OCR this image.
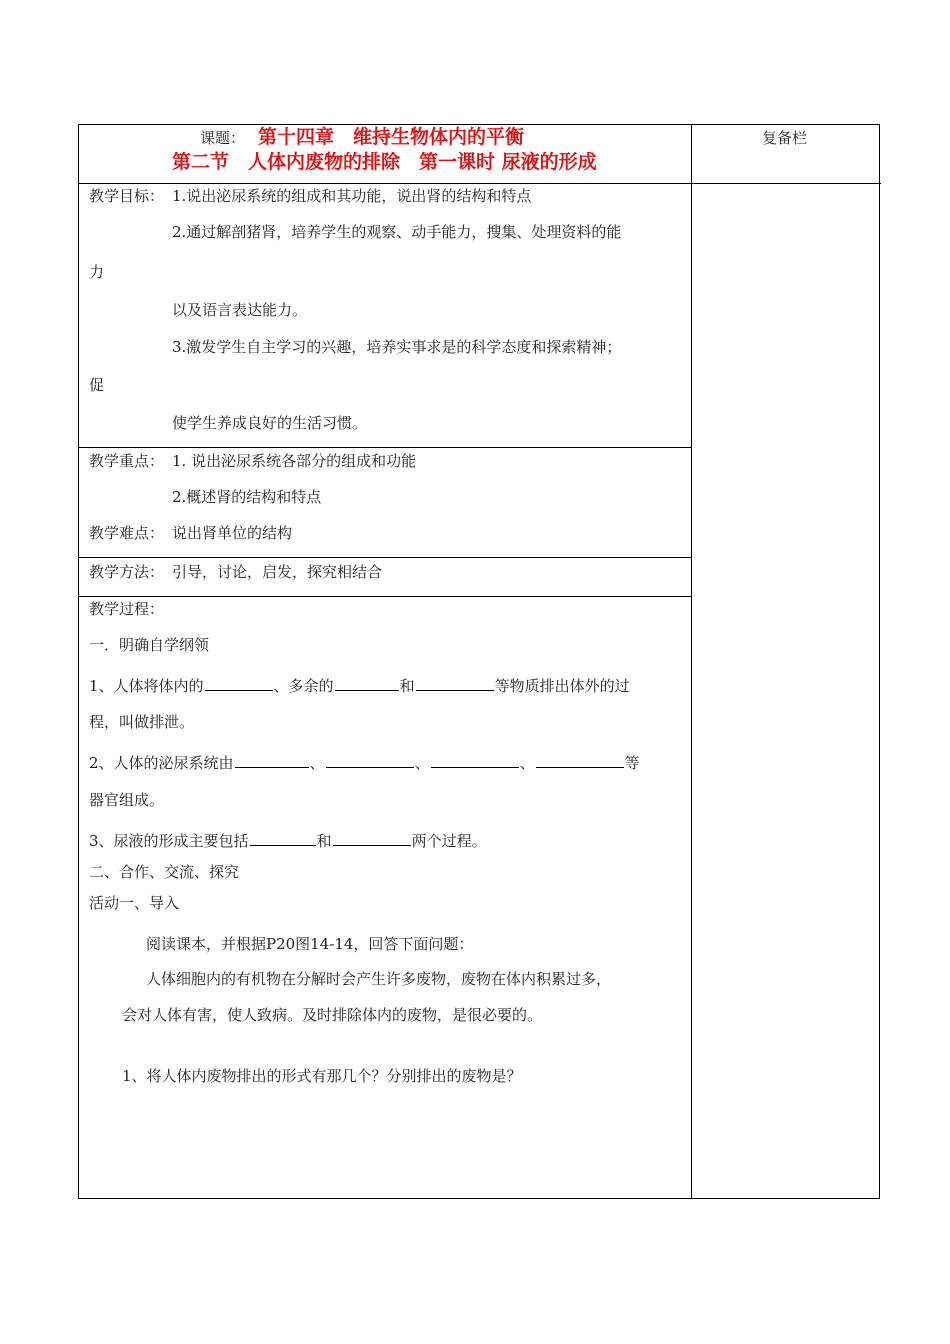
课题： 第十四章　维持生物体内的平衡
第二节　人体内废物的排除　第一课时 尿液的形成
复备栏
教学目标： 1.说出泌尿系统的组成和其功能，说出肾的结构和特点
2.通过解剖猪肾，培养学生的观察、动手能力，搜集、处理资料的能
力
以及语言表达能力。
3.激发学生自主学习的兴趣，培养实事求是的科学态度和探索精神；
促
使学生养成良好的生活习惯。
教学重点： 1. 说出泌尿系统各部分的组成和功能
2.概述肾的结构和特点
教学难点： 说出肾单位的结构
教学方法： 引导，讨论，启发，探究相结合
教学过程：
一．明确自学纲领
1、人体将体内的	、多余的	和	等物质排出体外的过
程，叫做排泄。
2、人体的泌尿系统由	、	、	、	等
器官组成。
3、尿液的形成主要包括	和	两个过程。
二、合作、交流、探究
活动一、导入
阅读课本，并根据P20图14-14，回答下面问题：
人体细胞内的有机物在分解时会产生许多废物，废物在体内积累过多，
会对人体有害，使人致病。及时排除体内的废物，是很必要的。
1、将人体内废物排出的形式有那几个？分别排出的废物是？
